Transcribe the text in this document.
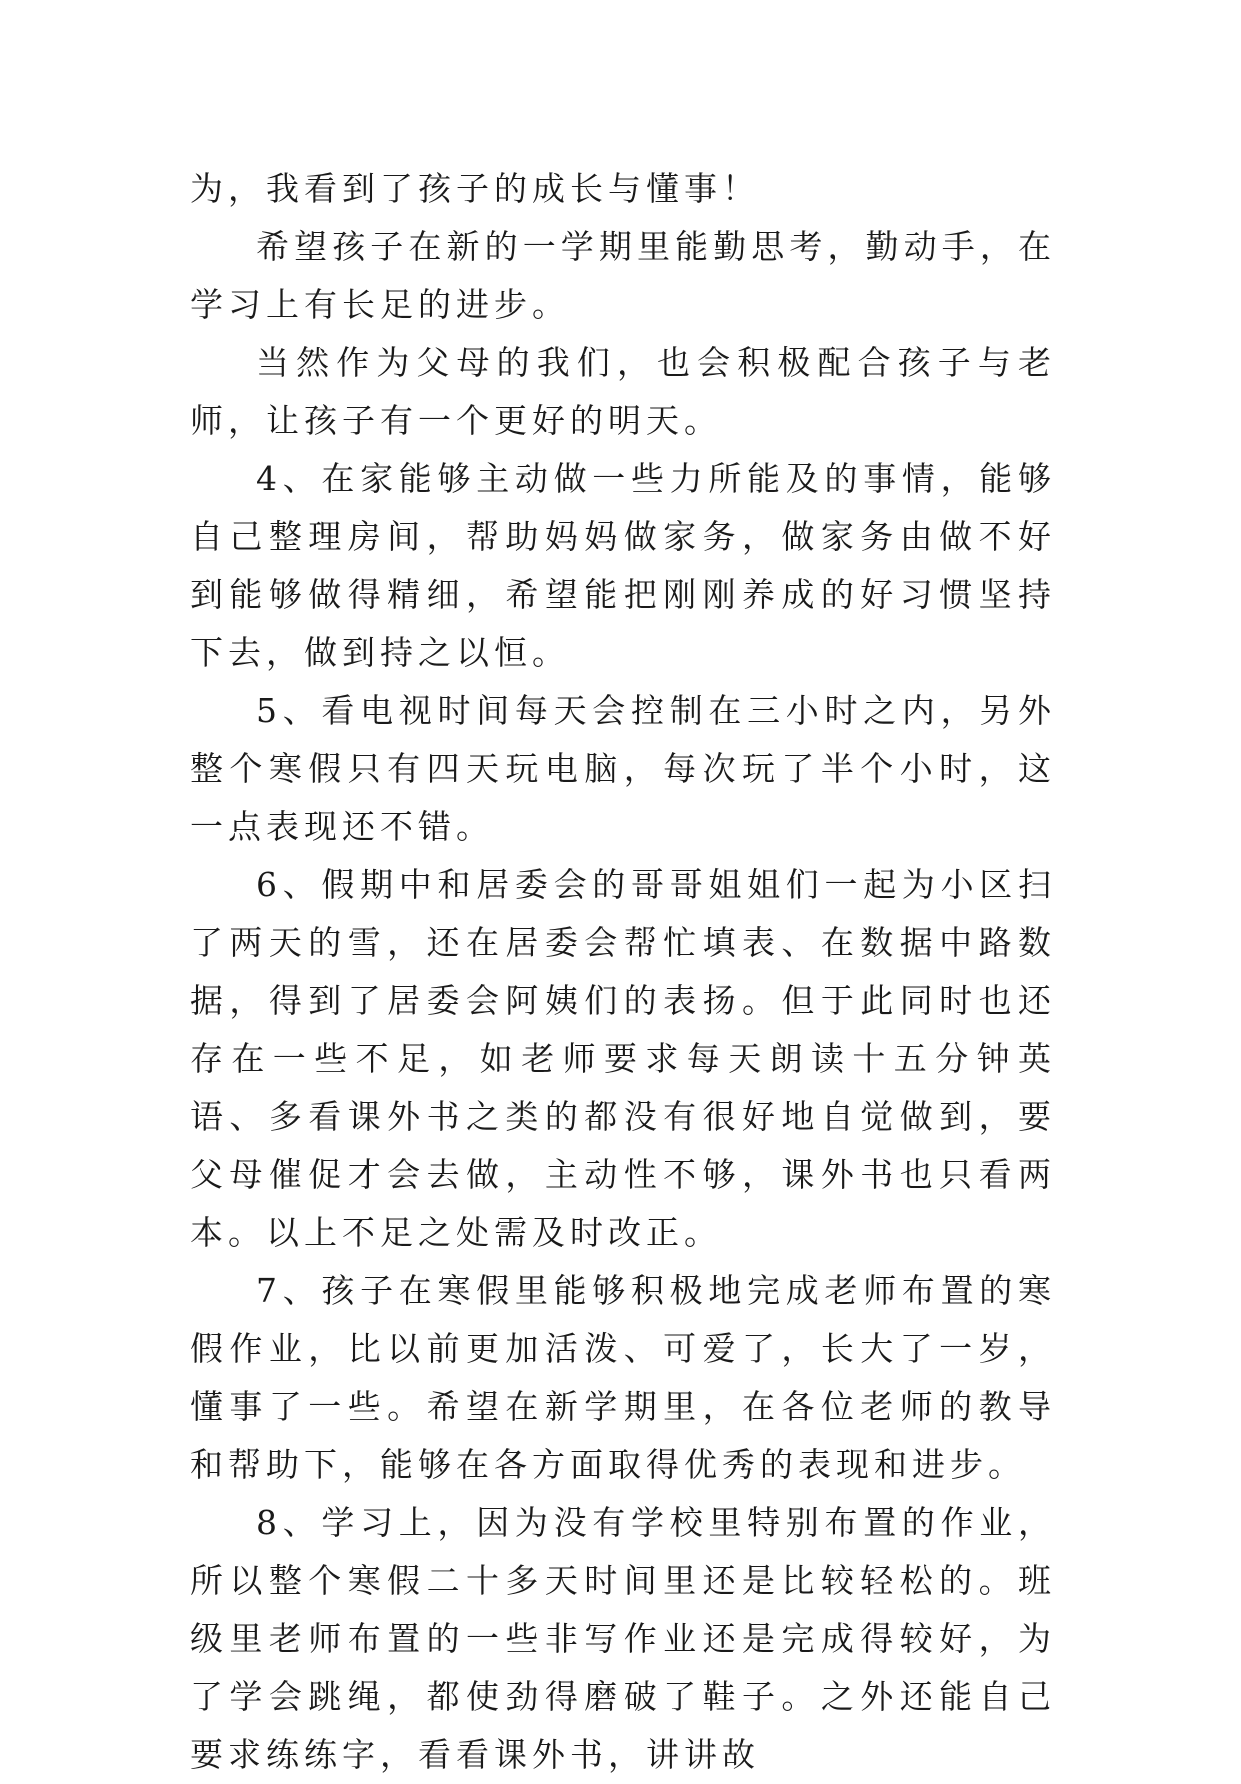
为，我看到了孩子的成长与懂事！

希望孩子在新的一学期里能勤思考，勤动手，在学习上有长足的进步。

当然作为父母的我们，也会积极配合孩子与老师，让孩子有一个更好的明天。

4、在家能够主动做一些力所能及的事情，能够自己整理房间，帮助妈妈做家务，做家务由做不好到能够做得精细，希望能把刚刚养成的好习惯坚持下去，做到持之以恒。

5、看电视时间每天会控制在三小时之内，另外整个寒假只有四天玩电脑，每次玩了半个小时，这一点表现还不错。

6、假期中和居委会的哥哥姐姐们一起为小区扫了两天的雪，还在居委会帮忙填表、在数据中路数据，得到了居委会阿姨们的表扬。但于此同时也还存在一些不足，如老师要求每天朗读十五分钟英语、多看课外书之类的都没有很好地自觉做到，要父母催促才会去做，主动性不够，课外书也只看两本。以上不足之处需及时改正。

7、孩子在寒假里能够积极地完成老师布置的寒假作业，比以前更加活泼、可爱了，长大了一岁，懂事了一些。希望在新学期里，在各位老师的教导和帮助下，能够在各方面取得优秀的表现和进步。

8、学习上，因为没有学校里特别布置的作业，所以整个寒假二十多天时间里还是比较轻松的。班级里老师布置的一些非写作业还是完成得较好，为了学会跳绳，都使劲得磨破了鞋子。之外还能自己要求练练字，看看课外书，讲讲故
